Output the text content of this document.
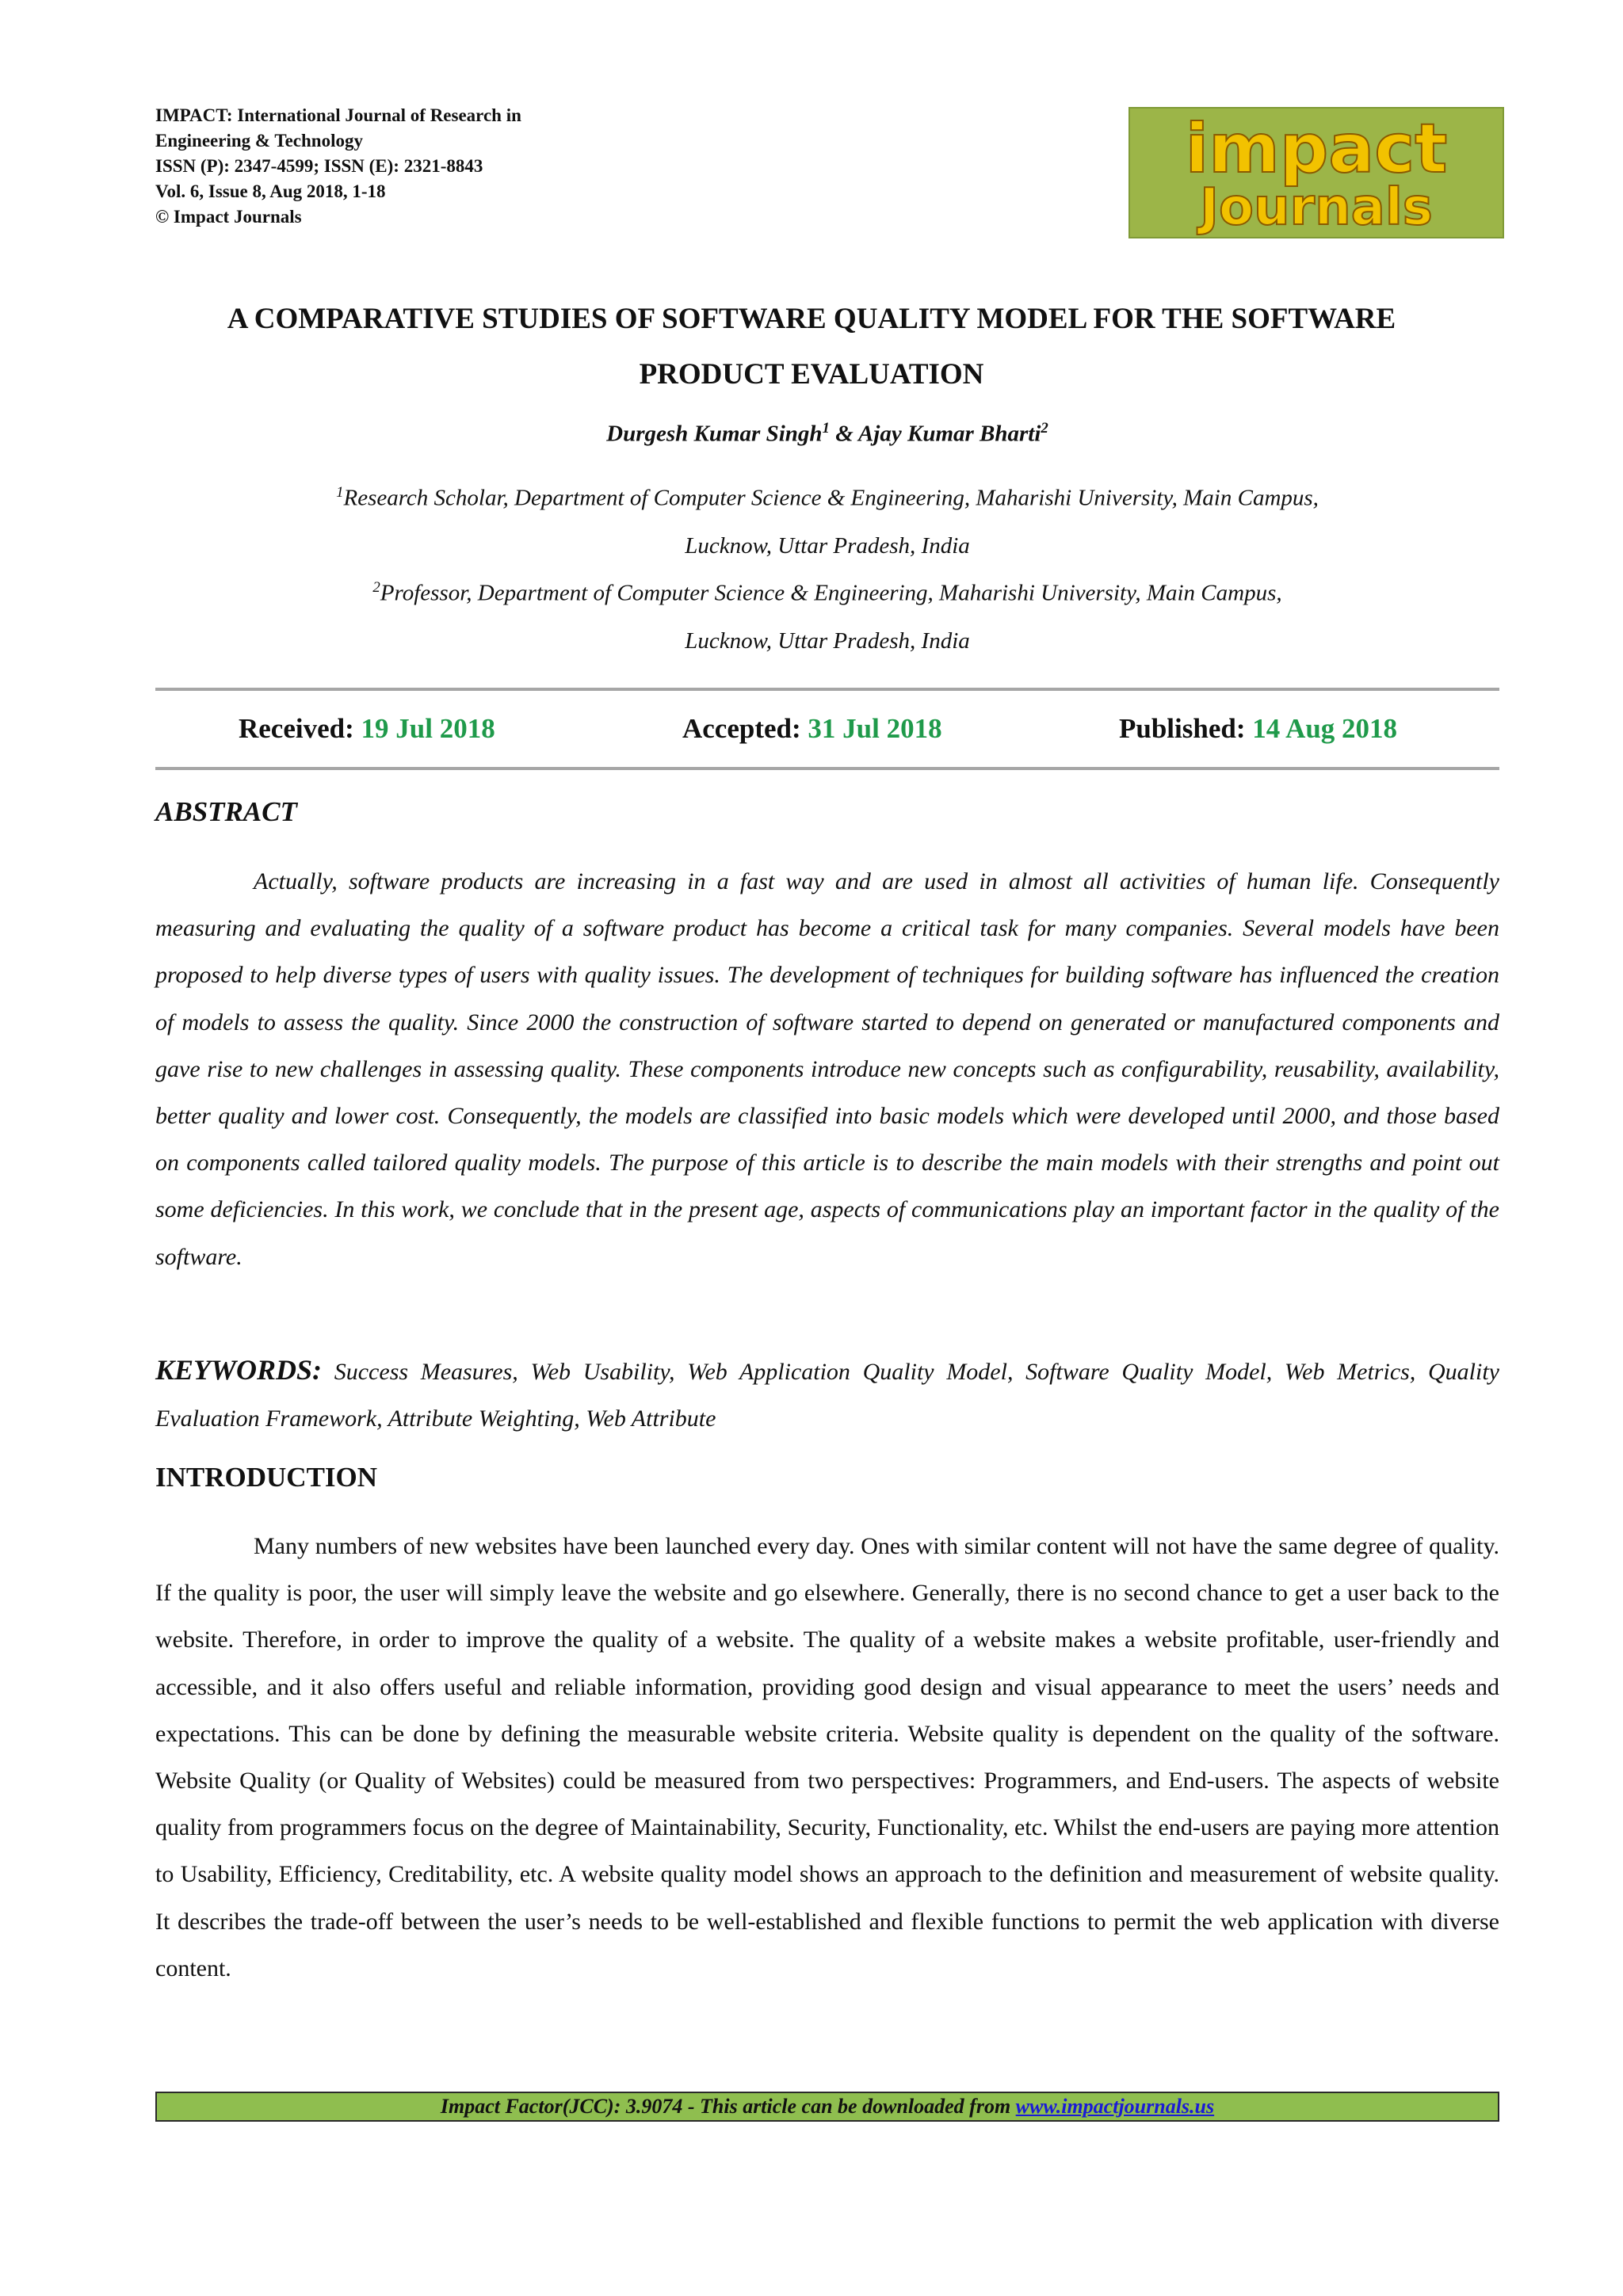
IMPACT: International Journal of Research in
Engineering & Technology
ISSN (P): 2347-4599; ISSN (E): 2321-8843
Vol. 6, Issue 8, Aug 2018, 1-18
© Impact Journals
impact
Journals
A COMPARATIVE STUDIES OF SOFTWARE QUALITY MODEL FOR THE SOFTWARE
PRODUCT EVALUATION
Durgesh Kumar Singh$^1$ & Ajay Kumar Bharti$^2$
$^1$Research Scholar, Department of Computer Science & Engineering, Maharishi University, Main Campus,
Lucknow, Uttar Pradesh, India
$^2$Professor, Department of Computer Science & Engineering, Maharishi University, Main Campus,
Lucknow, Uttar Pradesh, India
Received: 19 Jul 2018	Accepted: 31 Jul 2018	Published: 14 Aug 2018
ABSTRACT
Actually, software products are increasing in a fast way and are used in almost all activities of human life. Consequently measuring and evaluating the quality of a software product has become a critical task for many companies. Several models have been proposed to help diverse types of users with quality issues. The development of techniques for building software has influenced the creation of models to assess the quality. Since 2000 the construction of software started to depend on generated or manufactured components and gave rise to new challenges in assessing quality. These components introduce new concepts such as configurability, reusability, availability, better quality and lower cost. Consequently, the models are classified into basic models which were developed until 2000, and those based on components called tailored quality models. The purpose of this article is to describe the main models with their strengths and point out some deficiencies. In this work, we conclude that in the present age, aspects of communications play an important factor in the quality of the software.
KEYWORDS: Success Measures, Web Usability, Web Application Quality Model, Software Quality Model, Web Metrics, Quality Evaluation Framework, Attribute Weighting, Web Attribute
INTRODUCTION
Many numbers of new websites have been launched every day. Ones with similar content will not have the same degree of quality. If the quality is poor, the user will simply leave the website and go elsewhere. Generally, there is no second chance to get a user back to the website. Therefore, in order to improve the quality of a website. The quality of a website makes a website profitable, user-friendly and accessible, and it also offers useful and reliable information, providing good design and visual appearance to meet the users’ needs and expectations. This can be done by defining the measurable website criteria. Website quality is dependent on the quality of the software. Website Quality (or Quality of Websites) could be measured from two perspectives: Programmers, and End-users. The aspects of website quality from programmers focus on the degree of Maintainability, Security, Functionality, etc. Whilst the end-users are paying more attention to Usability, Efficiency, Creditability, etc. A website quality model shows an approach to the definition and measurement of website quality. It describes the trade-off between the user’s needs to be well-established and flexible functions to permit the web application with diverse content.
Impact Factor(JCC): 3.9074 - This article can be downloaded from www.impactjournals.us
